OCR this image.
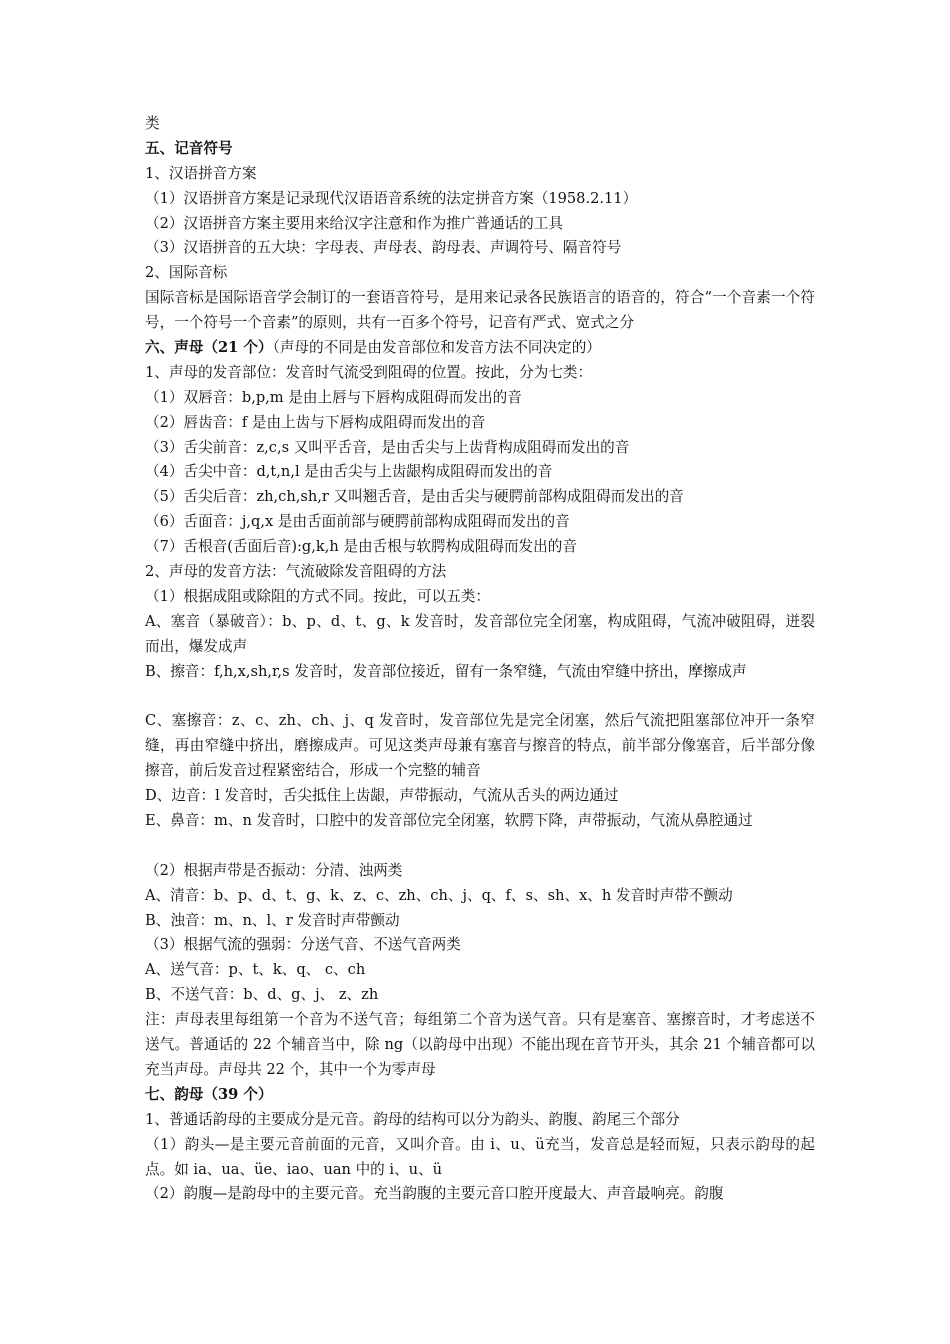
类
五、记音符号
1、汉语拼音方案
（1）汉语拼音方案是记录现代汉语语音系统的法定拼音方案（1958.2.11）
（2）汉语拼音方案主要用来给汉字注意和作为推广普通话的工具
（3）汉语拼音的五大块：字母表、声母表、韵母表、声调符号、隔音符号
2、国际音标
国际音标是国际语音学会制订的一套语音符号，是用来记录各民族语言的语音的，符合“一个音素一个符号，一个符号一个音素”的原则，共有一百多个符号，记音有严式、宽式之分
六、声母（21 个）（声母的不同是由发音部位和发音方法不同决定的）
1、声母的发音部位：发音时气流受到阻碍的位置。按此，分为七类：
（1）双唇音：b,p,m 是由上唇与下唇构成阻碍而发出的音
（2）唇齿音：f 是由上齿与下唇构成阻碍而发出的音
（3）舌尖前音：z,c,s 又叫平舌音，是由舌尖与上齿背构成阻碍而发出的音
（4）舌尖中音：d,t,n,l 是由舌尖与上齿龈构成阻碍而发出的音
（5）舌尖后音：zh,ch,sh,r 又叫翘舌音，是由舌尖与硬腭前部构成阻碍而发出的音
（6）舌面音：j,q,x 是由舌面前部与硬腭前部构成阻碍而发出的音
（7）舌根音(舌面后音):g,k,h 是由舌根与软腭构成阻碍而发出的音
2、声母的发音方法：气流破除发音阻碍的方法
（1）根据成阻或除阻的方式不同。按此，可以五类：
A、塞音（暴破音）：b、p、d、t、g、k 发音时，发音部位完全闭塞，构成阻碍，气流冲破阻碍，迸裂而出，爆发成声
B、擦音：f,h,x,sh,r,s 发音时，发音部位接近，留有一条窄缝，气流由窄缝中挤出，摩擦成声
C、塞擦音：z、c、zh、ch、j、q 发音时，发音部位先是完全闭塞，然后气流把阻塞部位冲开一条窄缝，再由窄缝中挤出，磨擦成声。可见这类声母兼有塞音与擦音的特点，前半部分像塞音，后半部分像擦音，前后发音过程紧密结合，形成一个完整的辅音
D、边音：l 发音时，舌尖抵住上齿龈，声带振动，气流从舌头的两边通过
E、鼻音：m、n 发音时，口腔中的发音部位完全闭塞，软腭下降，声带振动，气流从鼻腔通过
（2）根据声带是否振动：分清、浊两类
A、清音：b、p、d、t、g、k、z、c、zh、ch、j、q、f、s、sh、x、h 发音时声带不颤动
B、浊音：m、n、l、r 发音时声带颤动
（3）根据气流的强弱：分送气音、不送气音两类
A、送气音：p、t、k、q、 c、ch
B、不送气音：b、d、g、j、 z、zh
注：声母表里每组第一个音为不送气音；每组第二个音为送气音。只有是塞音、塞擦音时，才考虑送不送气。普通话的 22 个辅音当中，除 ng（以韵母中出现）不能出现在音节开头，其余 21 个辅音都可以充当声母。声母共 22 个，其中一个为零声母
七、韵母（39 个）
1、普通话韵母的主要成分是元音。韵母的结构可以分为韵头、韵腹、韵尾三个部分
（1）韵头—是主要元音前面的元音，又叫介音。由 i、u、ü充当，发音总是轻而短，只表示韵母的起点。如 ia、ua、üe、iao、uan 中的 i、u、ü
（2）韵腹—是韵母中的主要元音。充当韵腹的主要元音口腔开度最大、声音最响亮。韵腹
